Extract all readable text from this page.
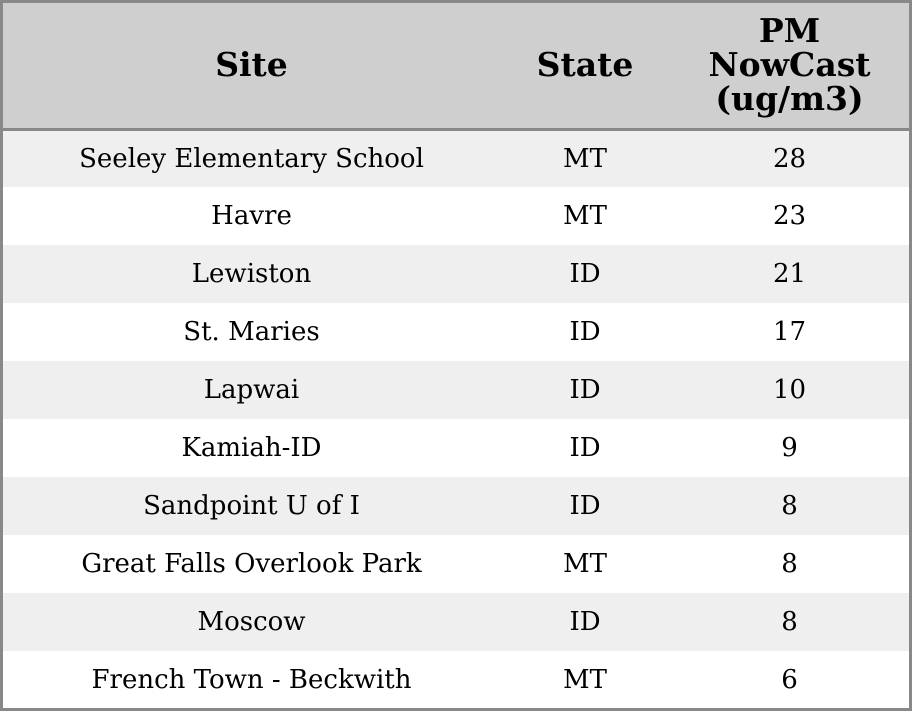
Site	State	PM
NowCast
(ug/m3)

Seeley Elementary School	MT	28
Havre	MT	23
Lewiston	ID	21
St. Maries	ID	17
Lapwai	ID	10
Kamiah-ID	ID	9
Sandpoint U of I	ID	8
Great Falls Overlook Park	MT	8
Moscow	ID	8
French Town - Beckwith	MT	6
